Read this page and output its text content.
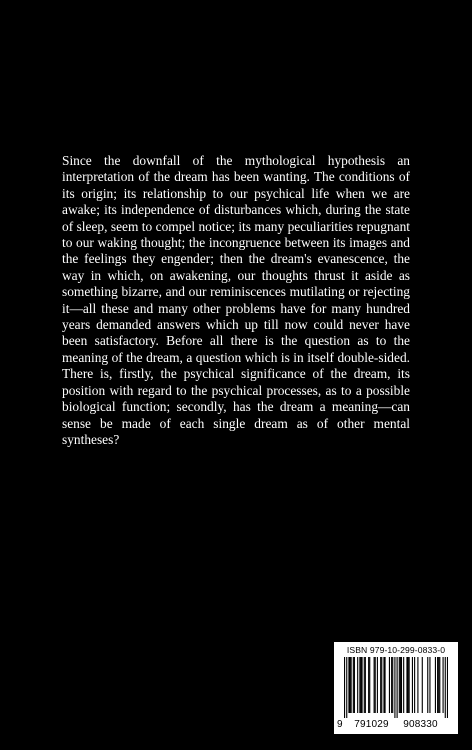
Since the downfall of the mythological hypothesis an interpretation of the dream has been wanting. The conditions of its origin; its relationship to our psychical life when we are awake; its independence of disturbances which, during the state of sleep, seem to compel notice; its many peculiarities repugnant to our waking thought; the incongruence between its images and the feelings they engender; then the dream's evanescence, the way in which, on awakening, our thoughts thrust it aside as something bizarre, and our reminiscences mutilating or rejecting it—all these and many other problems have for many hundred years demanded answers which up till now could never have been satisfactory. Before all there is the question as to the meaning of the dream, a question which is in itself double-sided. There is, firstly, the psychical significance of the dream, its position with regard to the psychical processes, as to a possible biological function; secondly, has the dream a meaning—can sense be made of each single dream as of other mental syntheses?

ISBN 979-10-299-0833-0
9	791029	908330
